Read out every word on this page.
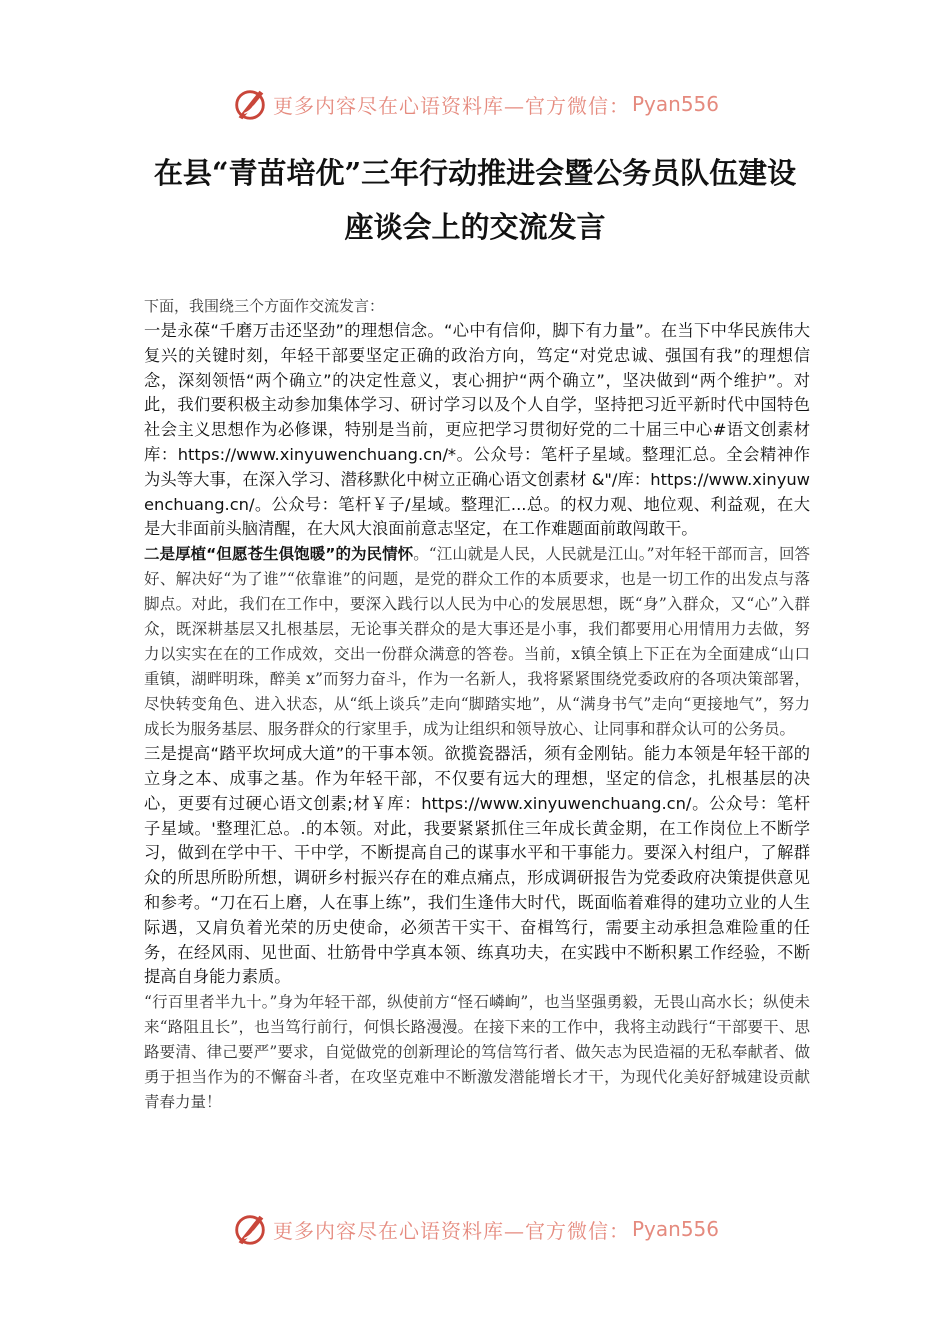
更多内容尽在心语资料库—官方微信： Pyan556
在县“青苗培优”三年行动推进会暨公务员队伍建设
座谈会上的交流发言

下面，我围绕三个方面作交流发言：

一是永葆“千磨万击还坚劲”的理想信念。“心中有信仰，脚下有力量”。在当下中华民族伟大复兴的关键时刻，年轻干部要坚定正确的政治方向，笃定“对党忠诚、强国有我”的理想信念，深刻领悟“两个确立”的决定性意义，衷心拥护“两个确立”，坚决做到“两个维护”。对此，我们要积极主动参加集体学习、研讨学习以及个人自学，坚持把习近平新时代中国特色社会主义思想作为必修课，特别是当前，更应把学习贯彻好党的二十届三中心#语文创素材库：https://www.xinyuwenchuang.cn/*。公众号：笔杆子星域。整理汇总。全会精神作为头等大事，在深入学习、潜移默化中树立正确心语文创素材 &"/库：https://www.xinyuwenchuang.cn/。公众号：笔杆￥子/星域。整理汇...总。的权力观、地位观、利益观，在大是大非面前头脑清醒，在大风大浪面前意志坚定，在工作难题面前敢闯敢干。

二是厚植“但愿苍生俱饱暖”的为民情怀。“江山就是人民，人民就是江山。”对年轻干部而言，回答好、解决好“为了谁”“依靠谁”的问题，是党的群众工作的本质要求，也是一切工作的出发点与落脚点。对此，我们在工作中，要深入践行以人民为中心的发展思想，既“身”入群众，又“心”入群众，既深耕基层又扎根基层，无论事关群众的是大事还是小事，我们都要用心用情用力去做，努力以实实在在的工作成效，交出一份群众满意的答卷。当前，x镇全镇上下正在为全面建成“山口重镇，湖畔明珠，醉美 x”而努力奋斗，作为一名新人，我将紧紧围绕党委政府的各项决策部署，尽快转变角色、进入状态，从“纸上谈兵”走向“脚踏实地”，从“满身书气”走向“更接地气”，努力成长为服务基层、服务群众的行家里手，成为让组织和领导放心、让同事和群众认可的公务员。

三是提高“踏平坎坷成大道”的干事本领。欲揽瓷器活，须有金刚钻。能力本领是年轻干部的立身之本、成事之基。作为年轻干部，不仅要有远大的理想，坚定的信念，扎根基层的决心，更要有过硬心语文创素;材￥库：https://www.xinyuwenchuang.cn/。公众号：笔杆子星域。'整理汇总。.的本领。对此，我要紧紧抓住三年成长黄金期，在工作岗位上不断学习，做到在学中干、干中学，不断提高自己的谋事水平和干事能力。要深入村组户，了解群众的所思所盼所想，调研乡村振兴存在的难点痛点，形成调研报告为党委政府决策提供意见和参考。“刀在石上磨，人在事上练”，我们生逢伟大时代，既面临着难得的建功立业的人生际遇，又肩负着光荣的历史使命，必须苦干实干、奋楫笃行，需要主动承担急难险重的任务，在经风雨、见世面、壮筋骨中学真本领、练真功夫，在实践中不断积累工作经验，不断提高自身能力素质。

“行百里者半九十。”身为年轻干部，纵使前方“怪石嶙峋”，也当坚强勇毅，无畏山高水长；纵使未来“路阻且长”，也当笃行前行，何惧长路漫漫。在接下来的工作中，我将主动践行“干部要干、思路要清、律己要严”要求，自觉做党的创新理论的笃信笃行者、做矢志为民造福的无私奉献者、做勇于担当作为的不懈奋斗者，在攻坚克难中不断激发潜能增长才干，为现代化美好舒城建设贡献青春力量！

更多内容尽在心语资料库—官方微信： Pyan556
